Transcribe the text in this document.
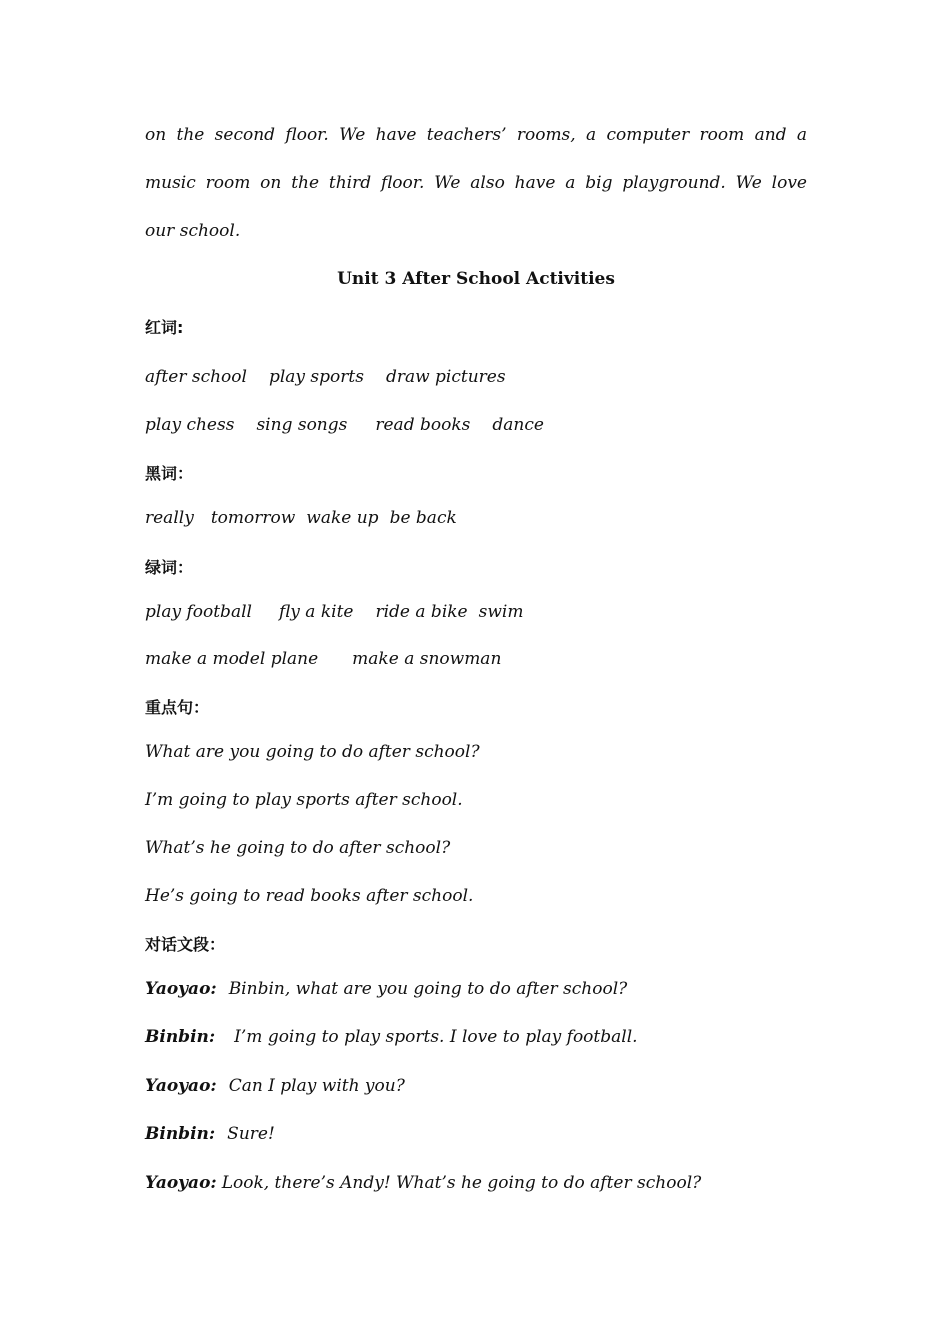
on the second floor. We have teachers’ rooms, a computer room and a
music room on the third floor. We also have a big playground. We love
our school.
Unit 3 After School Activities
红词:
after school play sports draw pictures
play chess sing songs read books dance
黑词：
really tomorrow wake up be back
绿词：
play football fly a kite ride a bike swim
make a model plane make a snowman
重点句：
What are you going to do after school?
I’m going to play sports after school.
What’s he going to do after school?
He’s going to read books after school.
对话文段：
Yaoyao: Binbin, what are you going to do after school?
Binbin: I’m going to play sports. I love to play football.
Yaoyao: Can I play with you?
Binbin: Sure!
Yaoyao: Look, there’s Andy! What’s he going to do after school?
